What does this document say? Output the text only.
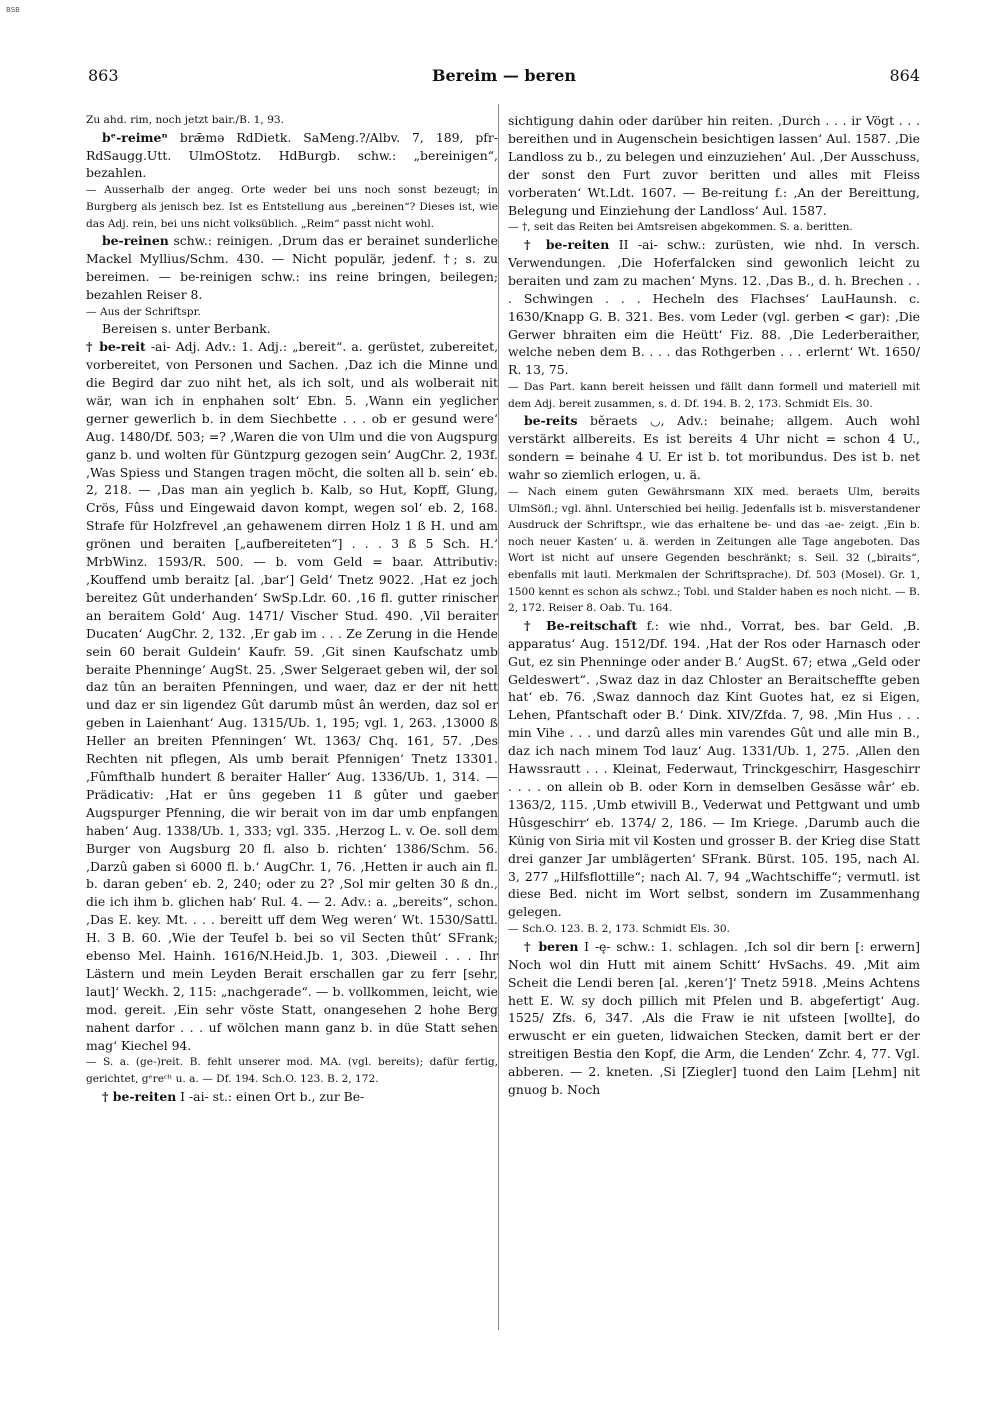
BSB
863	Bereim — beren	864

Zu ahd. rim, noch jetzt bair./B. 1, 93.

bᵉ-reimeⁿ brǣmə RdDietk. SaMeng.?/Albv. 7, 189, pfr- RdSaugg.Utt. UlmOStotz. HdBurgb. schw.: „bereinigen“, bezahlen.

— Ausserhalb der angeg. Orte weder bei uns noch sonst bezeugt; in Burgberg als jenisch bez. Ist es Entstellung aus „bereinen“? Dieses ist, wie das Adj. rein, bei uns nicht volksüblich. „Reim“ passt nicht wohl.

be-reinen schw.: reinigen. ‚Drum das er berainet sunderliche Mackel Myllius/Schm. 430. — Nicht populär, jedenf. †; s. zu bereimen. — be-reinigen schw.: ins reine bringen, beilegen; bezahlen Reiser 8.

— Aus der Schriftspr.

Bereisen s. unter Berbank.

† be-reit -ai- Adj. Adv.: 1. Adj.: „bereit“. a. gerüstet, zubereitet, vorbereitet, von Personen und Sachen. ‚Daz ich die Minne und die Begird dar zuo niht het, als ich solt, und als wolberait nit wär, wan ich in enphahen solt‘ Ebn. 5. ‚Wann ein yeglicher gerner gewerlich b. in dem Siechbette . . . ob er gesund were‘ Aug. 1480/Df. 503; =? ‚Waren die von Ulm und die von Augspurg ganz b. und wolten für Güntzpurg gezogen sein‘ AugChr. 2, 193f. ‚Was Spiess und Stangen tragen möcht, die solten all b. sein‘ eb. 2, 218. — ‚Das man ain yeglich b. Kalb, so Hut, Kopff, Glung, Crös, Fûss und Eingewaid davon kompt, wegen sol‘ eb. 2, 168. Strafe für Holzfrevel ‚an gehawenem dirren Holz 1 ß H. und am grönen und beraiten [„aufbereiteten“] . . . 3 ß 5 Sch. H.‘ MrbWinz. 1593/R. 500. — b. vom Geld = baar. Attributiv: ‚Kouffend umb beraitz [al. ‚bar‘] Geld‘ Tnetz 9022. ‚Hat ez joch bereitez Gût underhanden‘ SwSp.Ldr. 60. ‚16 fl. gutter rinischer an beraitem Gold‘ Aug. 1471/ Vischer Stud. 490. ‚Vil beraiter Ducaten‘ AugChr. 2, 132. ‚Er gab im . . . Ze Zerung in die Hende sein 60 berait Guldein‘ Kaufr. 59. ‚Git sinen Kaufschatz umb beraite Phenninge‘ AugSt. 25. ‚Swer Selgeraet geben wil, der sol daz tûn an beraiten Pfenningen, und waer, daz er der nit hett und daz er sin ligendez Gût darumb mûst ân werden, daz sol er geben in Laienhant‘ Aug. 1315/Ub. 1, 195; vgl. 1, 263. ‚13000 ß Heller an breiten Pfenningen‘ Wt. 1363/ Chq. 161, 57. ‚Des Rechten nit pflegen, Als umb berait Pfennigen‘ Tnetz 13301. ‚Fûmfthalb hundert ß beraiter Haller‘ Aug. 1336/Ub. 1, 314. — Prädicativ: ‚Hat er ûns gegeben 11 ß gûter und gaeber Augspurger Pfenning, die wir berait von im dar umb enpfangen haben‘ Aug. 1338/Ub. 1, 333; vgl. 335. ‚Herzog L. v. Oe. soll dem Burger von Augsburg 20 fl. also b. richten‘ 1386/Schm. 56. ‚Darzû gaben si 6000 fl. b.‘ AugChr. 1, 76. ‚Hetten ir auch ain fl. b. daran geben‘ eb. 2, 240; oder zu 2? ‚Sol mir gelten 30 ß dn., die ich ihm b. glichen hab‘ Rul. 4. — 2. Adv.: a. „bereits“, schon. ‚Das E. key. Mt. . . . bereitt uff dem Weg weren‘ Wt. 1530/Sattl. H. 3 B. 60. ‚Wie der Teufel b. bei so vil Secten thût‘ SFrank; ebenso Mel. Hainh. 1616/N.Heid.Jb. 1, 303. ‚Dieweil . . . Ihr Lästern und mein Leyden Berait erschallen gar zu ferr [sehr, laut]‘ Weckh. 2, 115: „nachgerade“. — b. vollkommen, leicht, wie mod. gereit. ‚Ein sehr vöste Statt, onangesehen 2 hohe Berg nahent darfor . . . uf wölchen mann ganz b. in düe Statt sehen mag‘ Kiechel 94.

— S. a. (ge-)reit. B. fehlt unserer mod. MA. (vgl. bereits); dafür fertig, gerichtet, gᵉreᶜʰ u. a. — Df. 194. Sch.O. 123. B. 2, 172.

† be-reiten I -ai- st.: einen Ort b., zur Be-

sichtigung dahin oder darüber hin reiten. ‚Durch . . . ir Vögt . . . bereithen und in Augenschein besichtigen lassen‘ Aul. 1587. ‚Die Landloss zu b., zu belegen und einzuziehen‘ Aul. ‚Der Ausschuss, der sonst den Furt zuvor beritten und alles mit Fleiss vorberaten‘ Wt.Ldt. 1607. — Be-reitung f.: ‚An der Bereittung, Belegung und Einziehung der Landloss‘ Aul. 1587.

— †, seit das Reiten bei Amtsreisen abgekommen. S. a. beritten.

† be-reiten II -ai- schw.: zurüsten, wie nhd. In versch. Verwendungen. ‚Die Hoferfalcken sind gewonlich leicht zu beraiten und zam zu machen‘ Myns. 12. ‚Das B., d. h. Brechen . . . Schwingen . . . Hecheln des Flachses‘ LauHaunsh. c. 1630/Knapp G. B. 321. Bes. vom Leder (vgl. gerben < gar): ‚Die Gerwer bhraiten eim die Heütt‘ Fiz. 88. ‚Die Lederberaither, welche neben dem B. . . . das Rothgerben . . . erlernt‘ Wt. 1650/ R. 13, 75.

— Das Part. kann bereit heissen und fällt dann formell und materiell mit dem Adj. bereit zusammen, s. d. Df. 194. B. 2, 173. Schmidt Els. 30.

be-reits bĕraets ◡, Adv.: beinahe; allgem. Auch wohl verstärkt allbereits. Es ist bereits 4 Uhr nicht = schon 4 U., sondern = beinahe 4 U. Er ist b. tot moribundus. Des ist b. net wahr so ziemlich erlogen, u. ä.

— Nach einem guten Gewährsmann XIX med. beraets Ulm, berəits UlmSöfl.; vgl. ähnl. Unterschied bei heilig. Jedenfalls ist b. misverstandener Ausdruck der Schriftspr., wie das erhaltene be- und das -ae- zeigt. ‚Ein b. noch neuer Kasten‘ u. ä. werden in Zeitungen alle Tage angeboten. Das Wort ist nicht auf unsere Gegenden beschränkt; s. Seil. 32 („biraits“, ebenfalls mit lautl. Merkmalen der Schriftsprache). Df. 503 (Mosel). Gr. 1, 1500 kennt es schon als schwz.; Tobl. und Stalder haben es noch nicht. — B. 2, 172. Reiser 8. Oab. Tu. 164.

† Be-reitschaft f.: wie nhd., Vorrat, bes. bar Geld. ‚B. apparatus‘ Aug. 1512/Df. 194. ‚Hat der Ros oder Harnasch oder Gut, ez sin Phenninge oder ander B.‘ AugSt. 67; etwa „Geld oder Geldeswert“. ‚Swaz daz in daz Chloster an Beraitscheffte geben hat‘ eb. 76. ‚Swaz dannoch daz Kint Guotes hat, ez si Eigen, Lehen, Pfantschaft oder B.‘ Dink. XIV/Zfda. 7, 98. ‚Min Hus . . . min Vihe . . . und darzû alles min varendes Gût und alle min B., daz ich nach minem Tod lauz‘ Aug. 1331/Ub. 1, 275. ‚Allen den Hawssrautt . . . Kleinat, Federwaut, Trinckgeschirr, Hasgeschirr . . . . on allein ob B. oder Korn in demselben Gesässe wâr‘ eb. 1363/2, 115. ‚Umb etwivill B., Vederwat und Pettgwant und umb Hûsgeschirr‘ eb. 1374/ 2, 186. — Im Kriege. ‚Darumb auch die Künig von Siria mit vil Kosten und grosser B. der Krieg dise Statt drei ganzer Jar umblägerten‘ SFrank. Bürst. 105. 195, nach Al. 3, 277 „Hilfsflottille“; nach Al. 7, 94 „Wachtschiffe“; vermutl. ist diese Bed. nicht im Wort selbst, sondern im Zusammenhang gelegen.

— Sch.O. 123. B. 2, 173. Schmidt Els. 30.

† beren I -ę- schw.: 1. schlagen. ‚Ich sol dir bern [: erwern] Noch wol din Hutt mit ainem Schitt‘ HvSachs. 49. ‚Mit aim Scheit die Lendi beren [al. ‚keren‘]‘ Tnetz 5918. ‚Meins Achtens hett E. W. sy doch pillich mit Pfelen und B. abgefertigt‘ Aug. 1525/ Zfs. 6, 347. ‚Als die Fraw ie nit ufsteen [wollte], do erwuscht er ein gueten, lidwaichen Stecken, damit bert er der streitigen Bestia den Kopf, die Arm, die Lenden‘ Zchr. 4, 77. Vgl. abberen. — 2. kneten. ‚Si [Ziegler] tuond den Laim [Lehm] nit gnuog b. Noch
